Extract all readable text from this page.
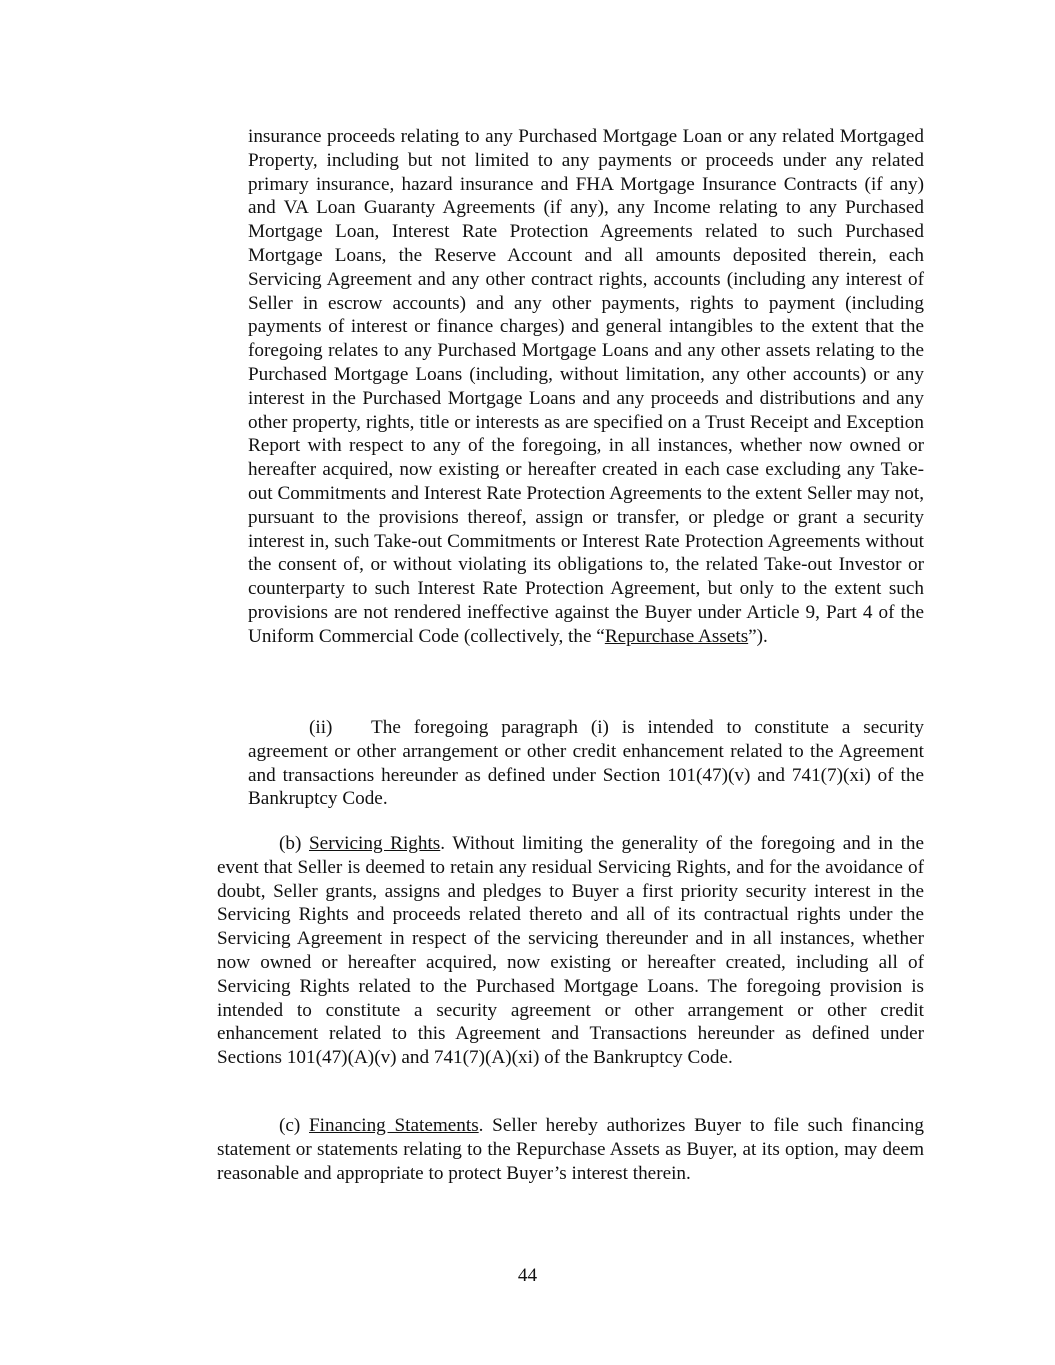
insurance proceeds relating to any Purchased Mortgage Loan or any related Mortgaged Property, including but not limited to any payments or proceeds under any related primary insurance, hazard insurance and FHA Mortgage Insurance Contracts (if any) and VA Loan Guaranty Agreements (if any), any Income relating to any Purchased Mortgage Loan, Interest Rate Protection Agreements related to such Purchased Mortgage Loans, the Reserve Account and all amounts deposited therein, each Servicing Agreement and any other contract rights, accounts (including any interest of Seller in escrow accounts) and any other payments, rights to payment (including payments of interest or finance charges) and general intangibles to the extent that the foregoing relates to any Purchased Mortgage Loans and any other assets relating to the Purchased Mortgage Loans (including, without limitation, any other accounts) or any interest in the Purchased Mortgage Loans and any proceeds and distributions and any other property, rights, title or interests as are specified on a Trust Receipt and Exception Report with respect to any of the foregoing, in all instances, whether now owned or hereafter acquired, now existing or hereafter created in each case excluding any Take-out Commitments and Interest Rate Protection Agreements to the extent Seller may not, pursuant to the provisions thereof, assign or transfer, or pledge or grant a security interest in, such Take-out Commitments or Interest Rate Protection Agreements without the consent of, or without violating its obligations to, the related Take-out Investor or counterparty to such Interest Rate Protection Agreement, but only to the extent such provisions are not rendered ineffective against the Buyer under Article 9, Part 4 of the Uniform Commercial Code (collectively, the “Repurchase Assets”).

(ii) The foregoing paragraph (i) is intended to constitute a security agreement or other arrangement or other credit enhancement related to the Agreement and transactions hereunder as defined under Section 101(47)(v) and 741(7)(xi) of the Bankruptcy Code.

(b) Servicing Rights. Without limiting the generality of the foregoing and in the event that Seller is deemed to retain any residual Servicing Rights, and for the avoidance of doubt, Seller grants, assigns and pledges to Buyer a first priority security interest in the Servicing Rights and proceeds related thereto and all of its contractual rights under the Servicing Agreement in respect of the servicing thereunder and in all instances, whether now owned or hereafter acquired, now existing or hereafter created, including all of Servicing Rights related to the Purchased Mortgage Loans. The foregoing provision is intended to constitute a security agreement or other arrangement or other credit enhancement related to this Agreement and Transactions hereunder as defined under Sections 101(47)(A)(v) and 741(7)(A)(xi) of the Bankruptcy Code.

(c) Financing Statements. Seller hereby authorizes Buyer to file such financing statement or statements relating to the Repurchase Assets as Buyer, at its option, may deem reasonable and appropriate to protect Buyer’s interest therein.

44
